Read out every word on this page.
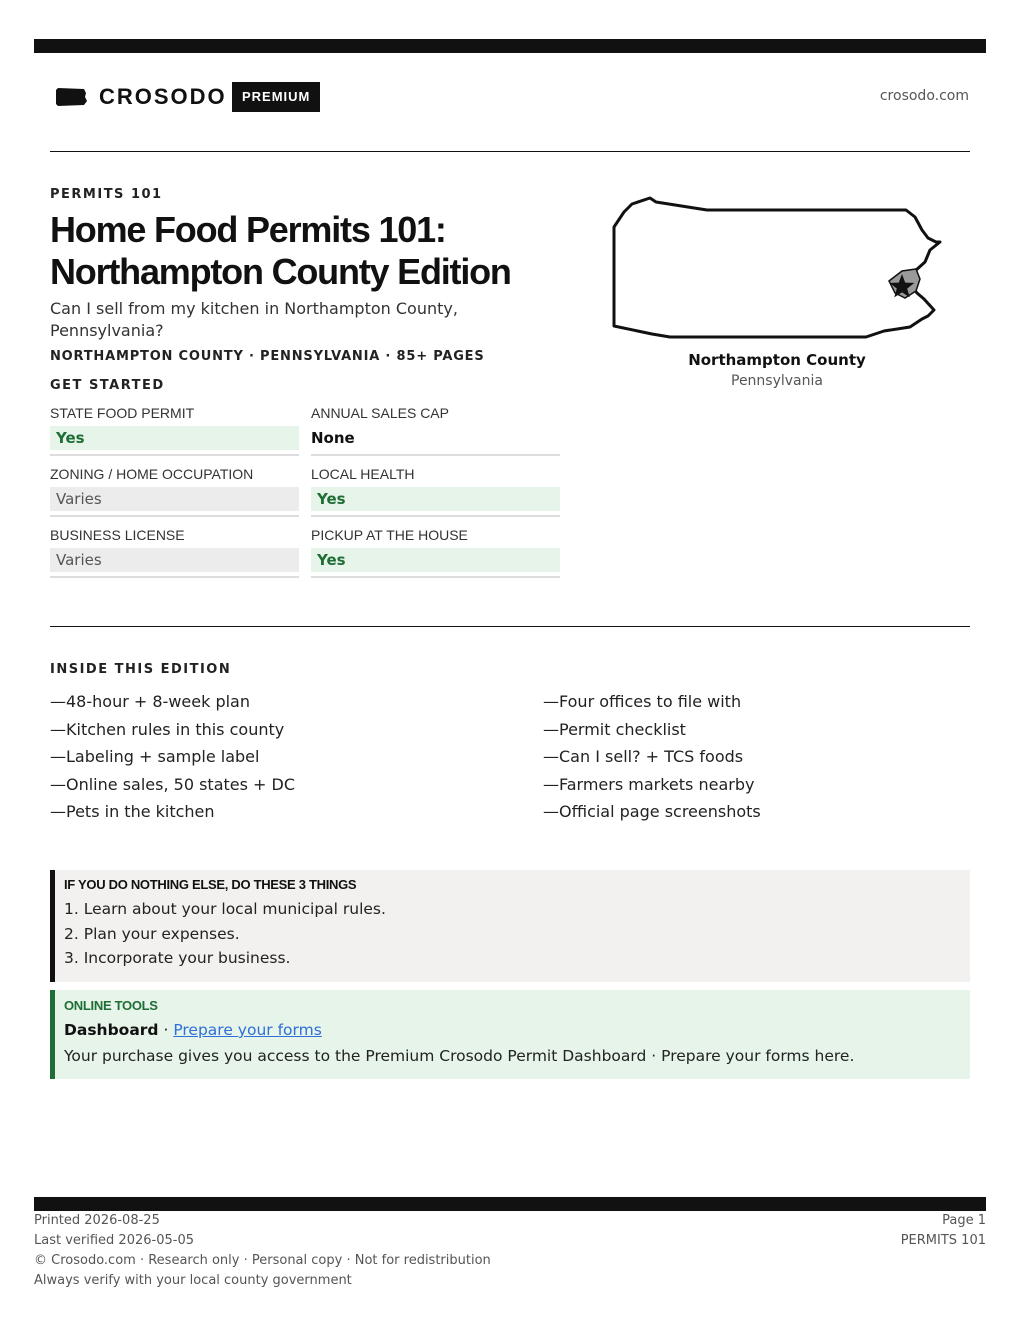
CROSODO	PREMIUM	crosodo.com
PERMITS 101
Home Food Permits 101:
Northampton County Edition
Can I sell from my kitchen in Northampton County, Pennsylvania?
NORTHAMPTON COUNTY · PENNSYLVANIA · 85+ PAGES
GET STARTED
STATE FOOD PERMIT
Yes
ANNUAL SALES CAP
None
ZONING / HOME OCCUPATION
Varies
LOCAL HEALTH
Yes
BUSINESS LICENSE
Varies
PICKUP AT THE HOUSE
Yes
Northampton County
Pennsylvania
INSIDE THIS EDITION
—48-hour + 8-week plan
—Kitchen rules in this county
—Labeling + sample label
—Online sales, 50 states + DC
—Pets in the kitchen
—Four offices to file with
—Permit checklist
—Can I sell? + TCS foods
—Farmers markets nearby
—Official page screenshots
IF YOU DO NOTHING ELSE, DO THESE 3 THINGS
1. Learn about your local municipal rules.
2. Plan your expenses.
3. Incorporate your business.
ONLINE TOOLS
Dashboard · Prepare your forms
Your purchase gives you access to the Premium Crosodo Permit Dashboard · Prepare your forms here.
Printed 2026-08-25
Last verified 2026-05-05
© Crosodo.com · Research only · Personal copy · Not for redistribution
Always verify with your local county government
Page 1
PERMITS 101
